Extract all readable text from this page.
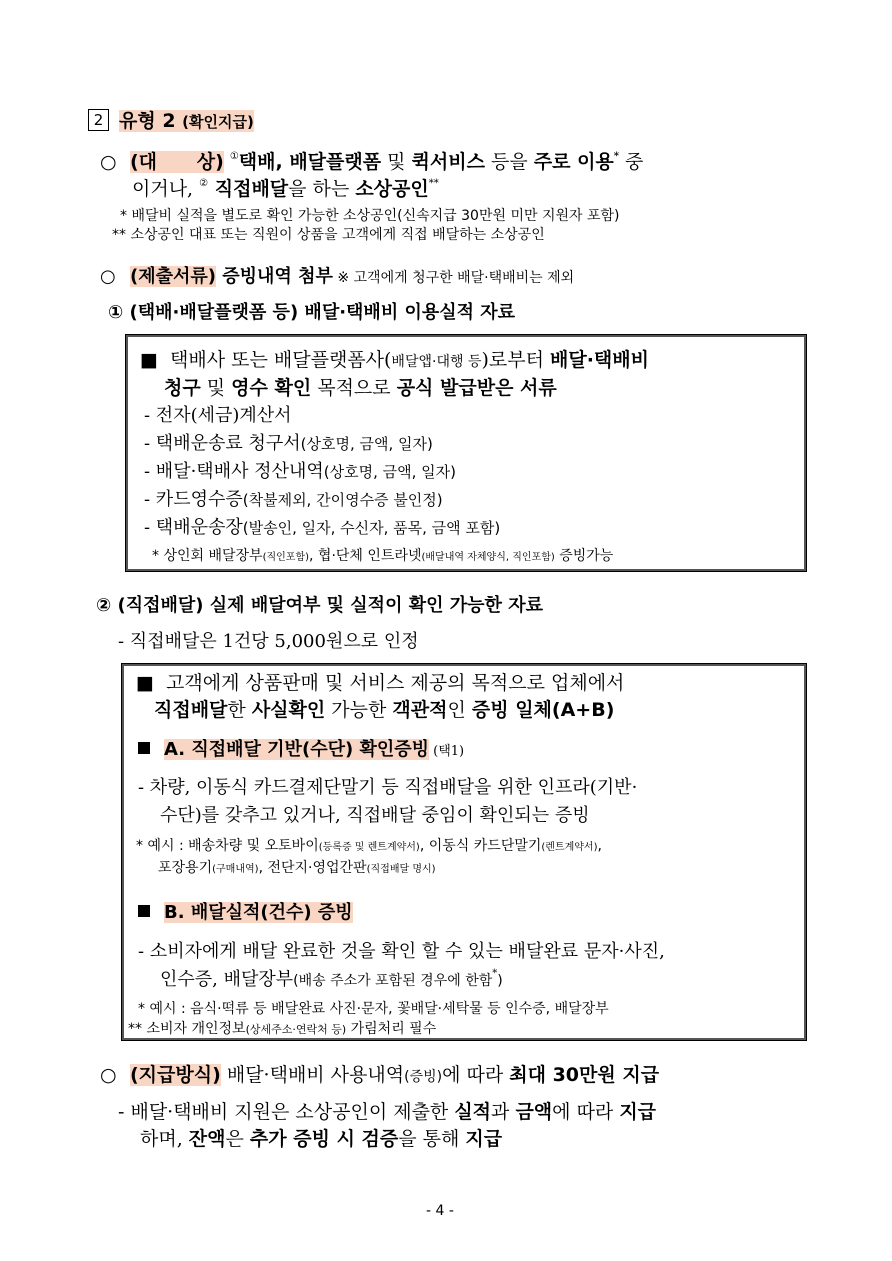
2 유형 2 (확인지급)
○ (대      상) ①택배, 배달플랫폼 및 퀵서비스 등을 주로 이용* 중
이거나, ② 직접배달을 하는 소상공인**
* 배달비 실적을 별도로 확인 가능한 소상공인(신속지급 30만원 미만 지원자 포함)
** 소상공인 대표 또는 직원이 상품을 고객에게 직접 배달하는 소상공인
○ (제출서류) 증빙내역 첨부 ※ 고객에게 청구한 배달·택배비는 제외
① (택배·배달플랫폼 등) 배달·택배비 이용실적 자료
■  택배사 또는 배달플랫폼사(배달앱·대행 등)로부터 배달·택배비
청구 및 영수 확인 목적으로 공식 발급받은 서류
- 전자(세금)계산서
- 택배운송료 청구서(상호명, 금액, 일자)
- 배달·택배사 정산내역(상호명, 금액, 일자)
- 카드영수증(착불제외, 간이영수증 불인정)
- 택배운송장(발송인, 일자, 수신자, 품목, 금액 포함)
* 상인회 배달장부(직인포함), 협·단체 인트라넷(배달내역 자체양식, 직인포함) 증빙가능
② (직접배달) 실제 배달여부 및 실적이 확인 가능한 자료
- 직접배달은 1건당 5,000원으로 인정
■  고객에게 상품판매 및 서비스 제공의 목적으로 업체에서
직접배달한 사실확인 가능한 객관적인 증빙 일체(A+B)
A. 직접배달 기반(수단) 확인증빙 (택1)
- 차량, 이동식 카드결제단말기 등 직접배달을 위한 인프라(기반·
수단)를 갖추고 있거나, 직접배달 중임이 확인되는 증빙
* 예시 : 배송차량 및 오토바이(등록증 및 렌트계약서), 이동식 카드단말기(렌트계약서),
포장용기(구매내역), 전단지·영업간판(직접배달 명시)
B. 배달실적(건수) 증빙
- 소비자에게 배달 완료한 것을 확인 할 수 있는 배달완료 문자·사진,
인수증, 배달장부(배송 주소가 포함된 경우에 한함*)
* 예시 : 음식·떡류 등 배달완료 사진·문자, 꽃배달·세탁물 등 인수증, 배달장부
** 소비자 개인정보(상세주소·연락처 등) 가림처리 필수
○ (지급방식) 배달·택배비 사용내역(증빙)에 따라 최대 30만원 지급
- 배달·택배비 지원은 소상공인이 제출한 실적과 금액에 따라 지급
하며, 잔액은 추가 증빙 시 검증을 통해 지급
- 4 -
